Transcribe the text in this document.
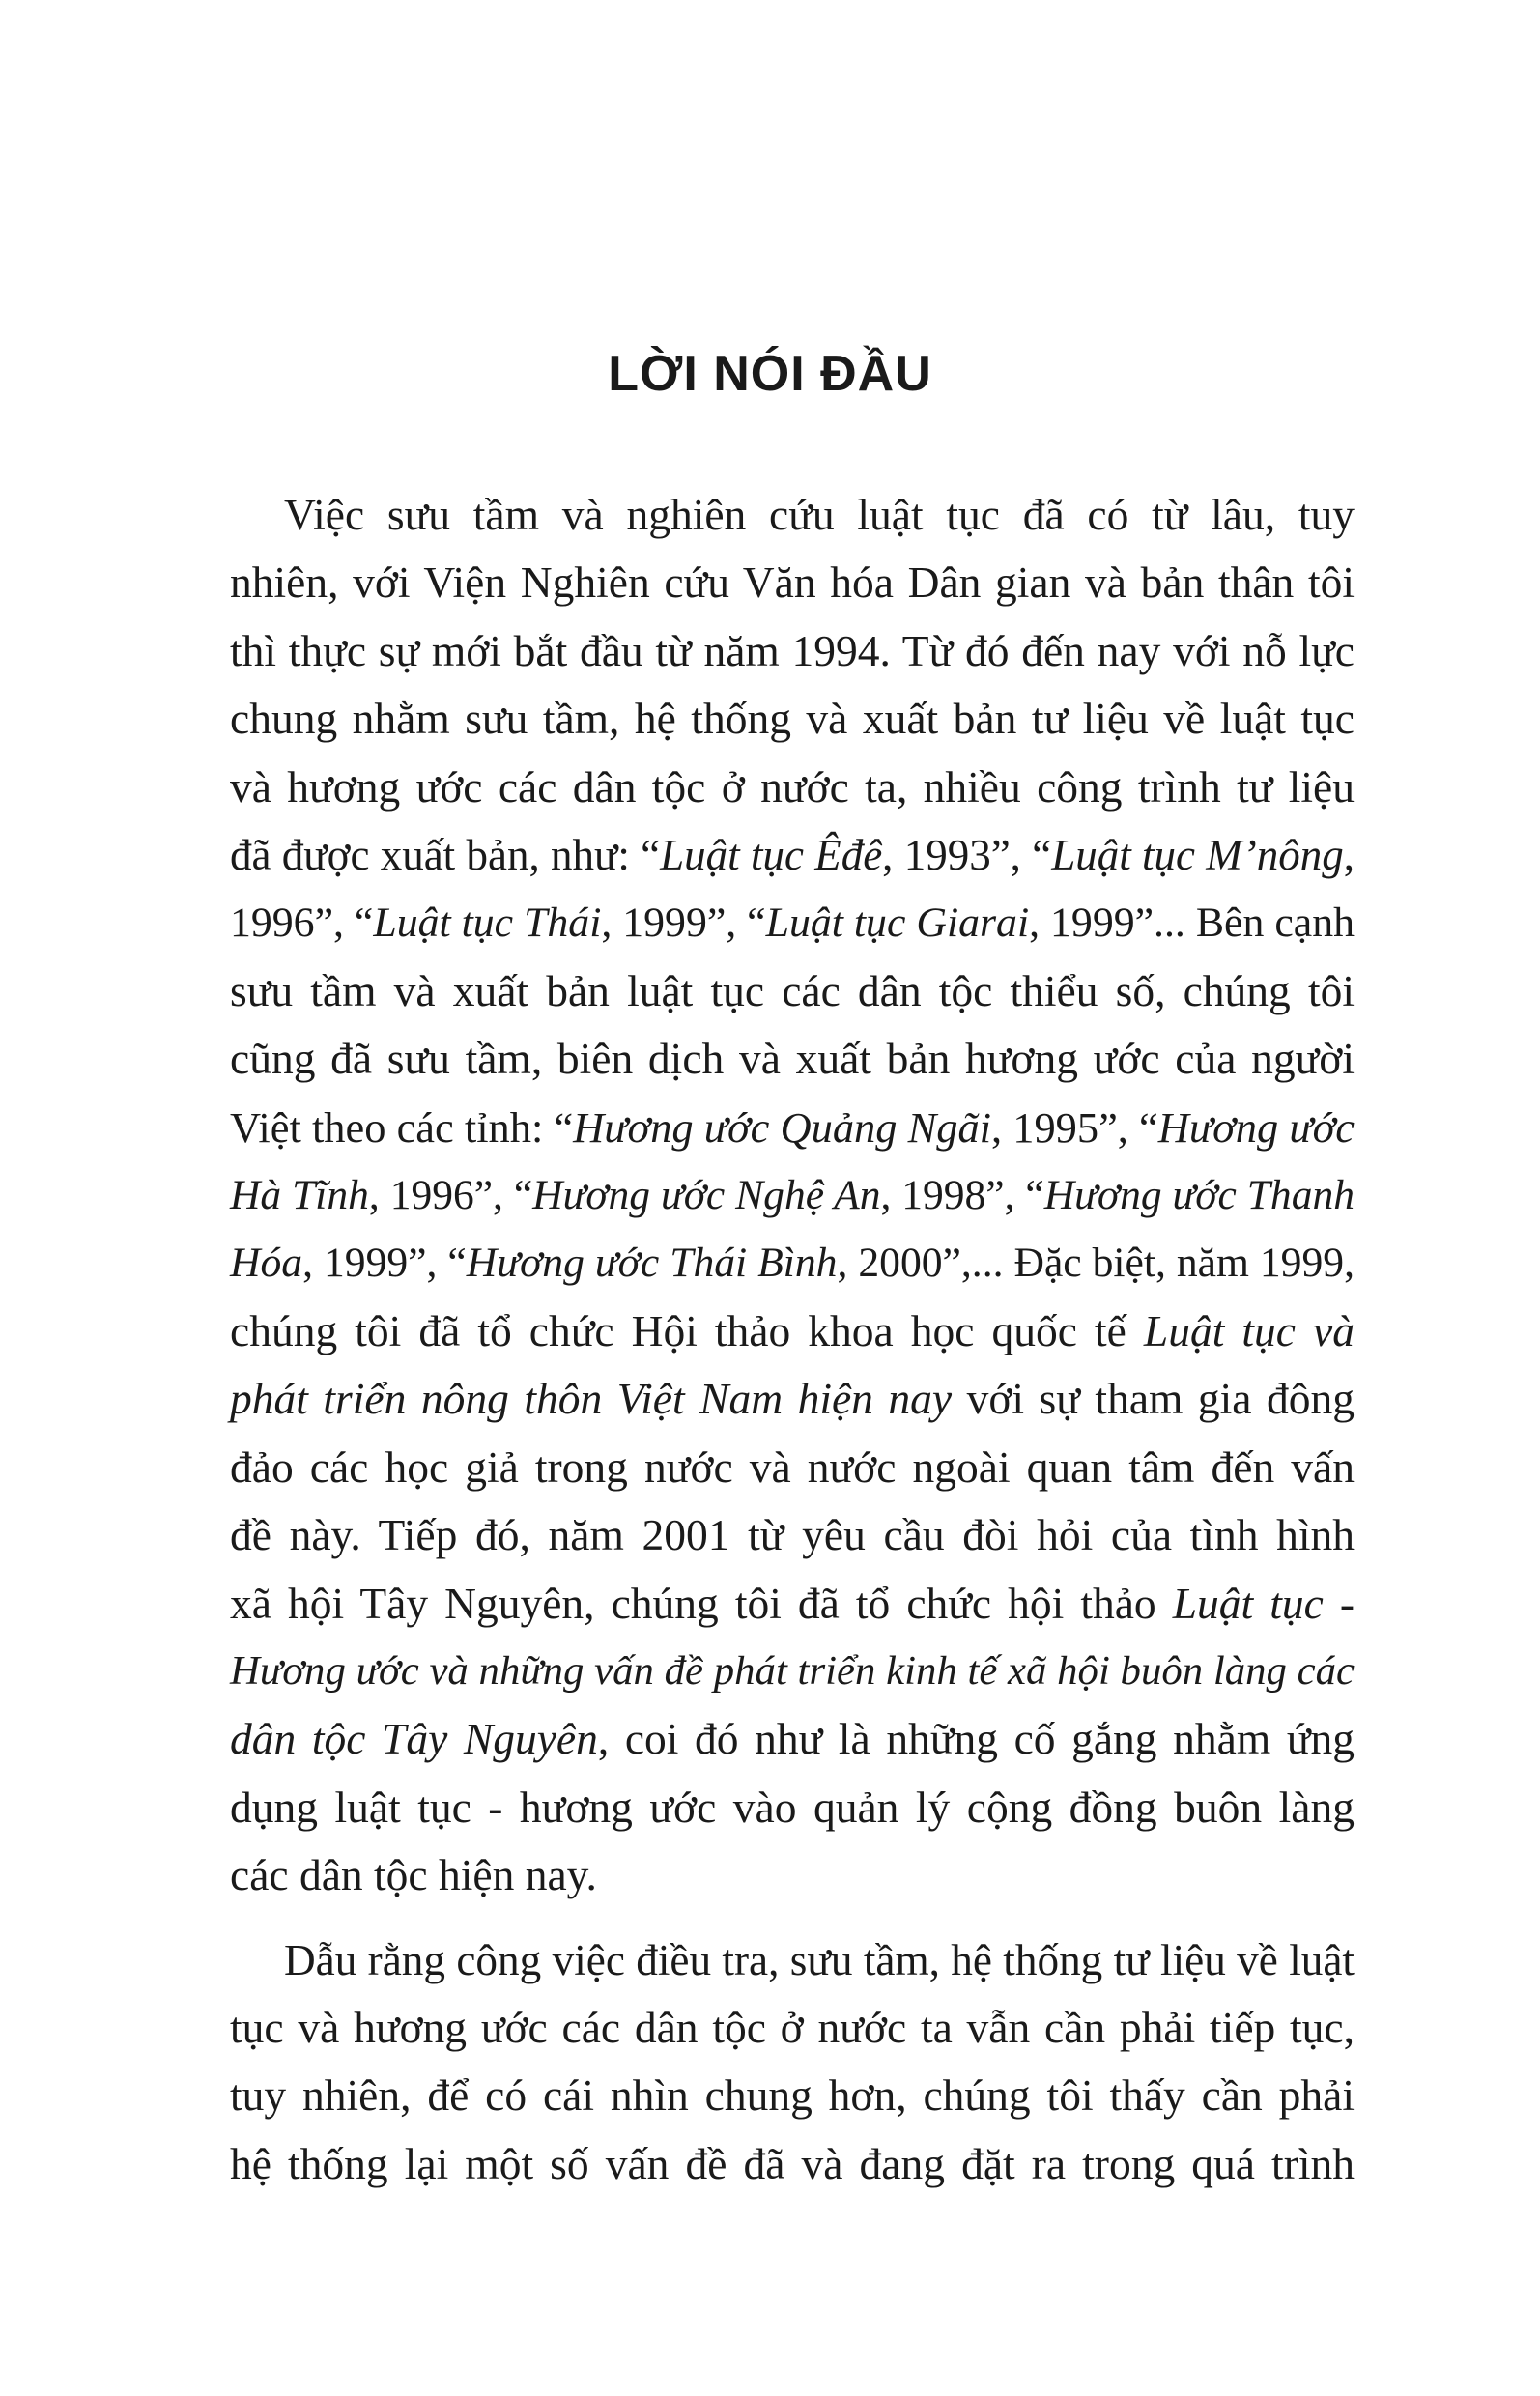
LỜI NÓI ĐẦU

Việc sưu tầm và nghiên cứu luật tục đã có từ lâu, tuy
nhiên, với Viện Nghiên cứu Văn hóa Dân gian và bản thân tôi
thì thực sự mới bắt đầu từ năm 1994. Từ đó đến nay với nỗ lực
chung nhằm sưu tầm, hệ thống và xuất bản tư liệu về luật tục
và hương ước các dân tộc ở nước ta, nhiều công trình tư liệu
đã được xuất bản, như: “Luật tục Êđê, 1993”, “Luật tục M’nông,
1996”, “Luật tục Thái, 1999”, “Luật tục Giarai, 1999”... Bên cạnh
sưu tầm và xuất bản luật tục các dân tộc thiểu số, chúng tôi
cũng đã sưu tầm, biên dịch và xuất bản hương ước của người
Việt theo các tỉnh: “Hương ước Quảng Ngãi, 1995”, “Hương ước
Hà Tĩnh, 1996”, “Hương ước Nghệ An, 1998”, “Hương ước Thanh
Hóa, 1999”, “Hương ước Thái Bình, 2000”,... Đặc biệt, năm 1999,
chúng tôi đã tổ chức Hội thảo khoa học quốc tế Luật tục và
phát triển nông thôn Việt Nam hiện nay với sự tham gia đông
đảo các học giả trong nước và nước ngoài quan tâm đến vấn
đề này. Tiếp đó, năm 2001 từ yêu cầu đòi hỏi của tình hình
xã hội Tây Nguyên, chúng tôi đã tổ chức hội thảo Luật tục -
Hương ước và những vấn đề phát triển kinh tế xã hội buôn làng các
dân tộc Tây Nguyên, coi đó như là những cố gắng nhằm ứng
dụng luật tục - hương ước vào quản lý cộng đồng buôn làng
các dân tộc hiện nay.

Dẫu rằng công việc điều tra, sưu tầm, hệ thống tư liệu về luật
tục và hương ước các dân tộc ở nước ta vẫn cần phải tiếp tục,
tuy nhiên, để có cái nhìn chung hơn, chúng tôi thấy cần phải
hệ thống lại một số vấn đề đã và đang đặt ra trong quá trình
